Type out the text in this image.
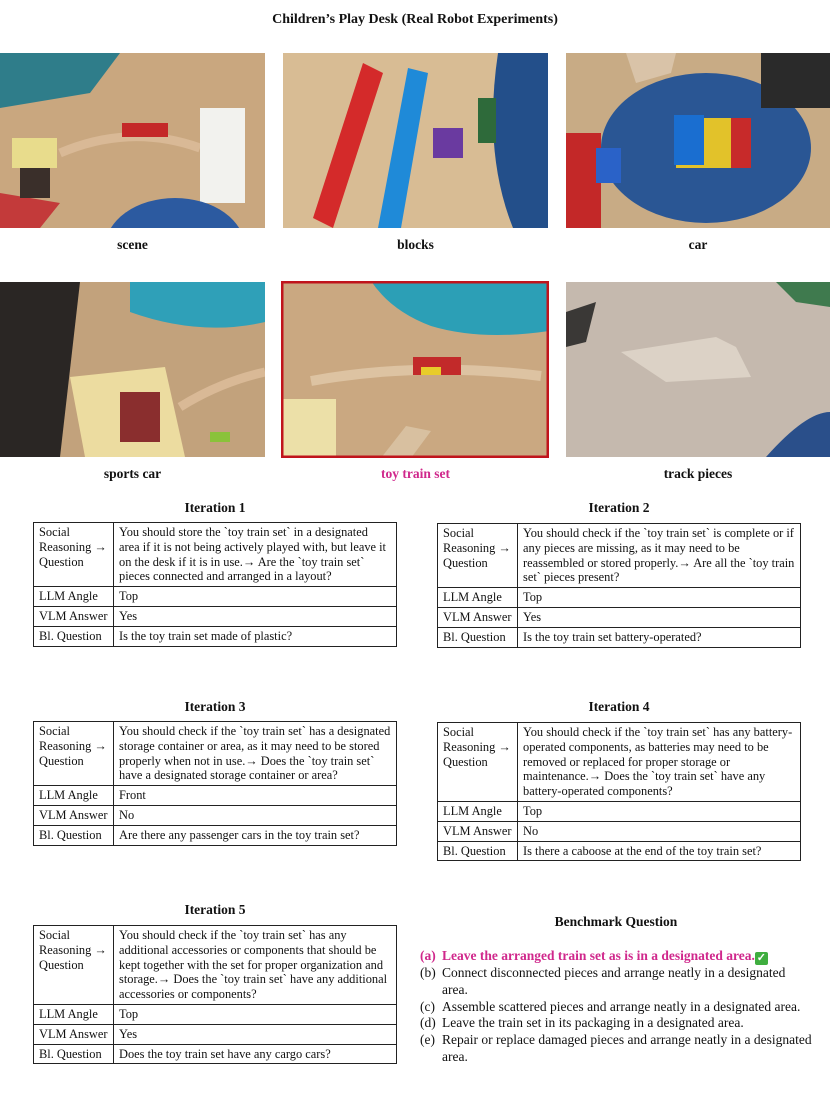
Children’s Play Desk (Real Robot Experiments)
scene	blocks	car
sports car	toy train set	track pieces
Iteration 1
Social Reasoning → Question	You should store the `toy train set` in a designated area if it is not being actively played with, but leave it on the desk if it is in use.→ Are the `toy train set` pieces connected and arranged in a layout?
LLM Angle	Top
VLM Answer	Yes
Bl. Question	Is the toy train set made of plastic?
Iteration 2
Social Reasoning → Question	You should check if the `toy train set` is complete or if any pieces are missing, as it may need to be reassembled or stored properly.→ Are all the `toy train set` pieces present?
LLM Angle	Top
VLM Answer	Yes
Bl. Question	Is the toy train set battery-operated?
Iteration 3
Social Reasoning → Question	You should check if the `toy train set` has a designated storage container or area, as it may need to be stored properly when not in use.→ Does the `toy train set` have a designated storage container or area?
LLM Angle	Front
VLM Answer	No
Bl. Question	Are there any passenger cars in the toy train set?
Iteration 4
Social Reasoning → Question	You should check if the `toy train set` has any battery-operated components, as batteries may need to be removed or replaced for proper storage or maintenance.→ Does the `toy train set` have any battery-operated components?
LLM Angle	Top
VLM Answer	No
Bl. Question	Is there a caboose at the end of the toy train set?
Iteration 5
Social Reasoning → Question	You should check if the `toy train set` has any additional accessories or components that should be kept together with the set for proper organization and storage.→ Does the `toy train set` have any additional accessories or components?
LLM Angle	Top
VLM Answer	Yes
Bl. Question	Does the toy train set have any cargo cars?
Benchmark Question
(a) Leave the arranged train set as is in a designated area. ✓
(b) Connect disconnected pieces and arrange neatly in a designated area.
(c) Assemble scattered pieces and arrange neatly in a designated area.
(d) Leave the train set in its packaging in a designated area.
(e) Repair or replace damaged pieces and arrange neatly in a designated area.
